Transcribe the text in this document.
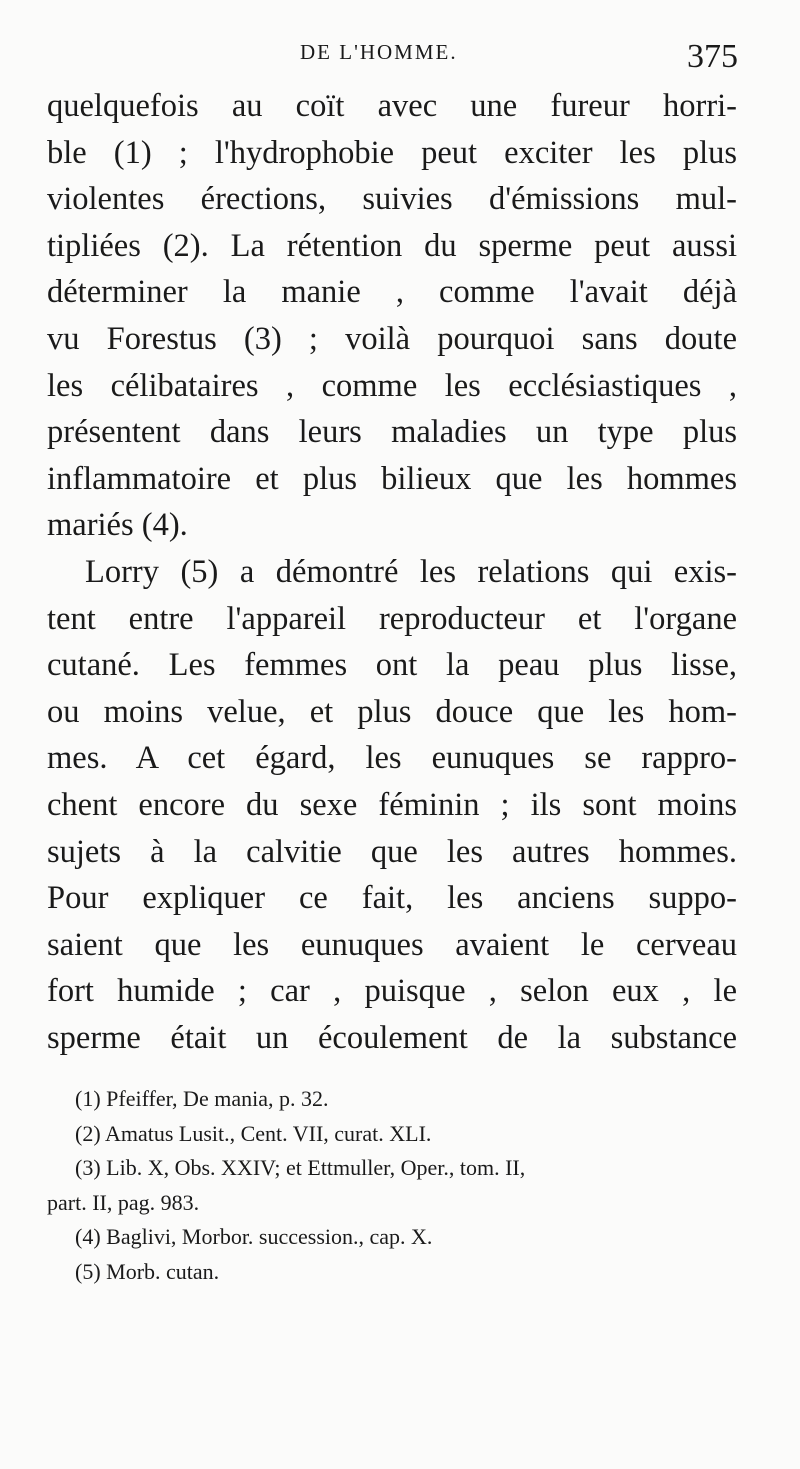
DE L'HOMME.	375
quelquefois au coït avec une fureur horri-
ble (1) ; l'hydrophobie peut exciter les plus
violentes érections, suivies d'émissions mul-
tipliées (2). La rétention du sperme peut aussi
déterminer la manie , comme l'avait déjà
vu Forestus (3) ; voilà pourquoi sans doute
les célibataires , comme les ecclésiastiques ,
présentent dans leurs maladies un type plus
inflammatoire et plus bilieux que les hommes
mariés (4).
Lorry (5) a démontré les relations qui exis-
tent entre l'appareil reproducteur et l'organe
cutané. Les femmes ont la peau plus lisse,
ou moins velue, et plus douce que les hom-
mes. A cet égard, les eunuques se rappro-
chent encore du sexe féminin ; ils sont moins
sujets à la calvitie que les autres hommes.
Pour expliquer ce fait, les anciens suppo-
saient que les eunuques avaient le cerveau
fort humide ; car , puisque , selon eux , le
sperme était un écoulement de la substance
(1) Pfeiffer, De mania, p. 32.
(2) Amatus Lusit., Cent. VII, curat. XLI.
(3) Lib. X, Obs. XXIV; et Ettmuller, Oper., tom. II,
part. II, pag. 983.
(4) Baglivi, Morbor. succession., cap. X.
(5) Morb. cutan.
